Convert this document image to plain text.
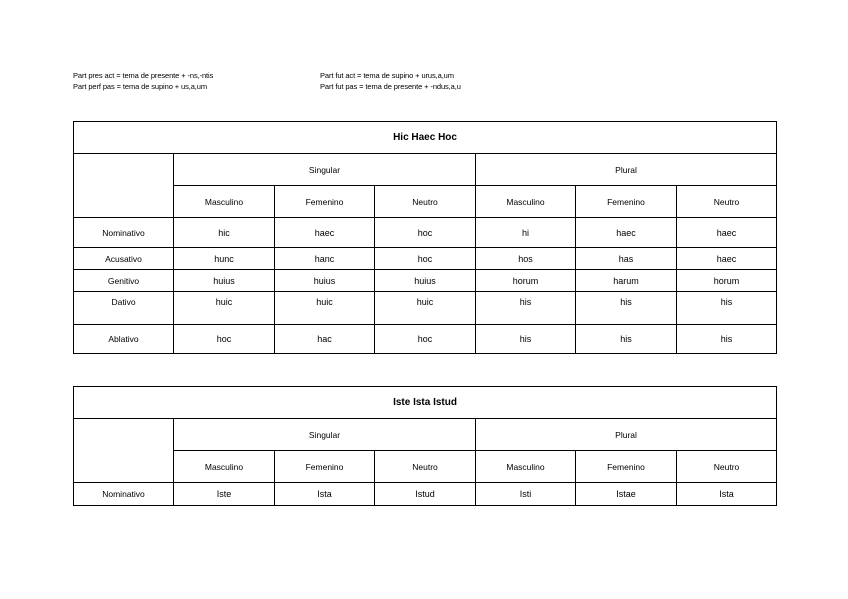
Part pres act = tema de presente + -ns,-ntis
Part perf pas = tema de supino + us,a,um
Part fut act = tema de supino + urus,a,um
Part fut pas = tema de presente + -ndus,a,u
Hic Haec Hoc						
	Singular			Plural		
	Masculino	Femenino	Neutro	Masculino	Femenino	Neutro
Nominativo	hic	haec	hoc	hi	haec	haec
Acusativo	hunc	hanc	hoc	hos	has	haec
Genitivo	huius	huius	huius	horum	harum	horum
Dativo	huic	huic	huic	his	his	his
Ablativo	hoc	hac	hoc	his	his	his
Iste Ista Istud						
	Singular			Plural		
	Masculino	Femenino	Neutro	Masculino	Femenino	Neutro
Nominativo	Iste	Ista	Istud	Isti	Istae	Ista
